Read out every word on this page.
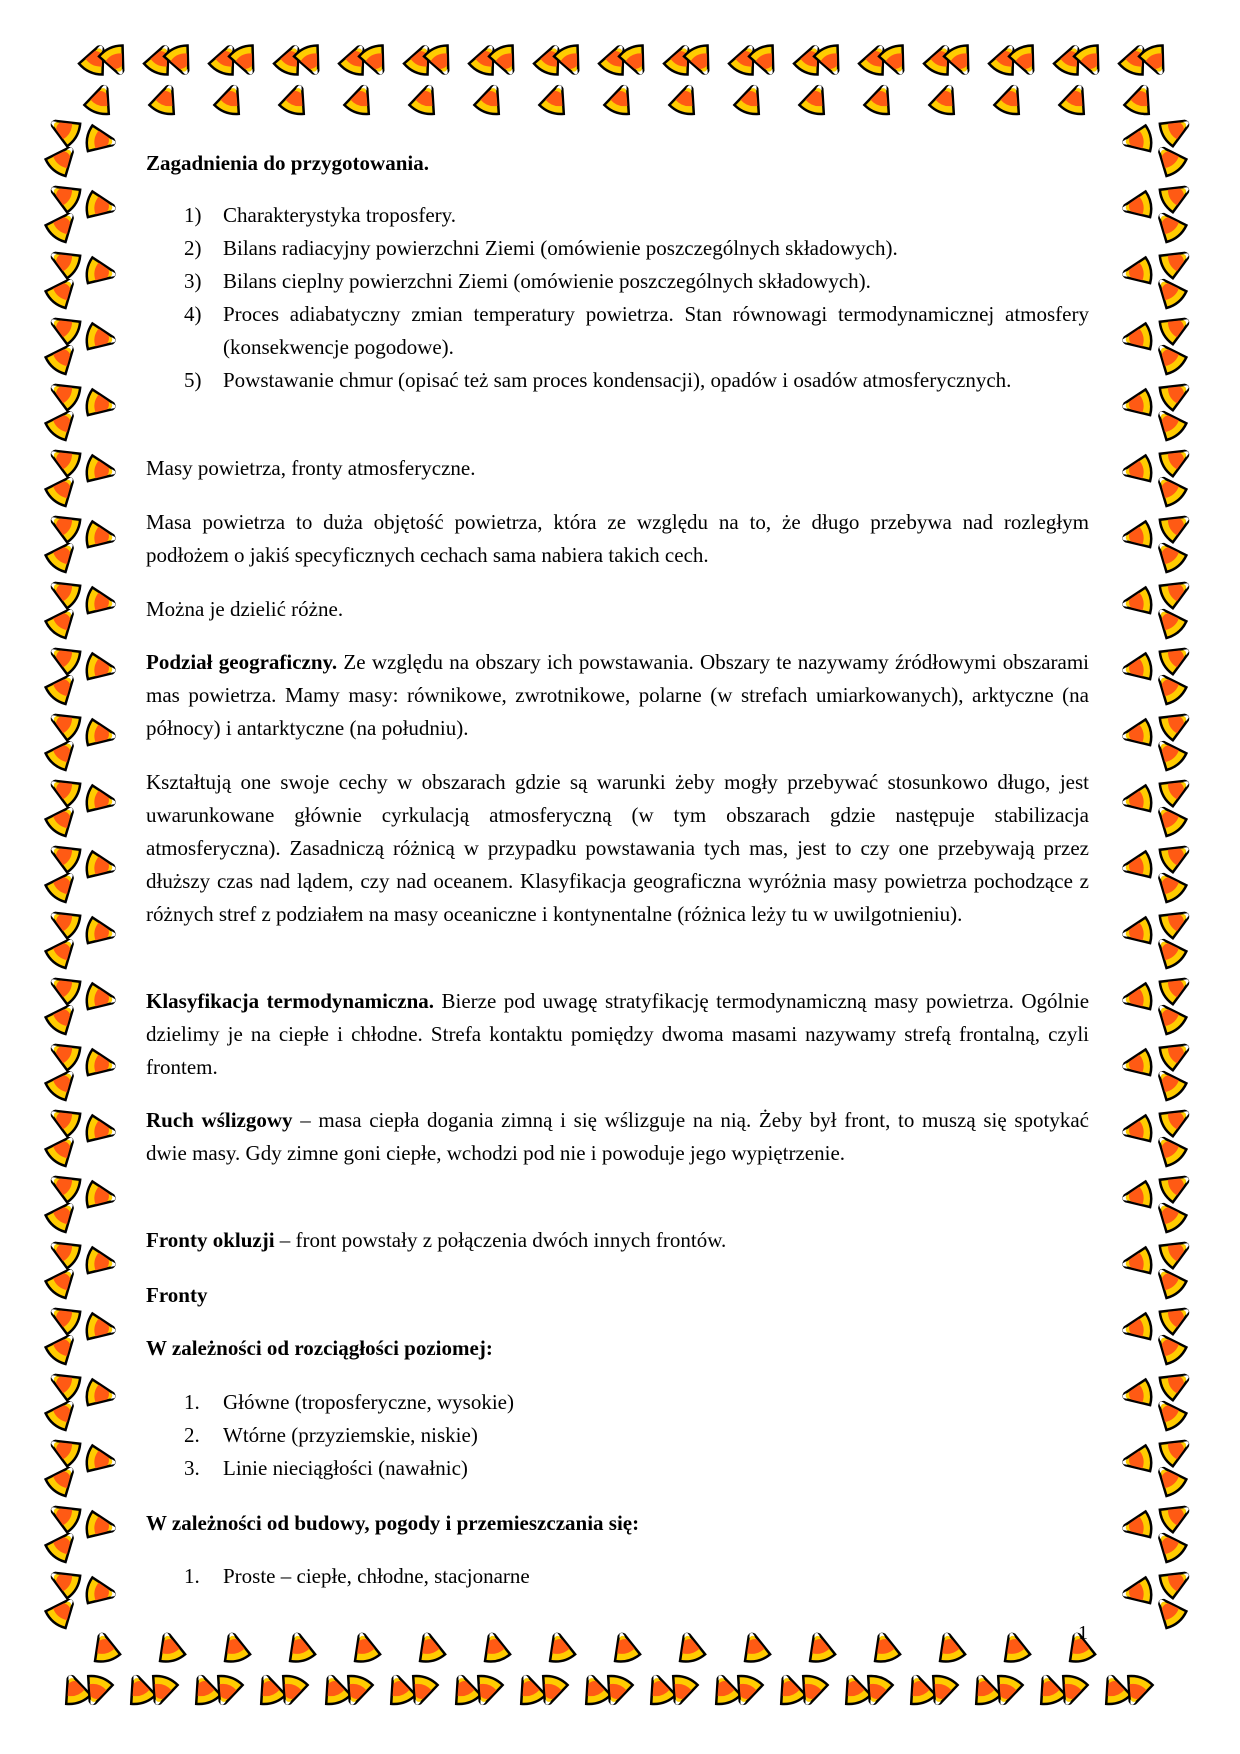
Zagadnienia do przygotowania.
1) Charakterystyka troposfery.
2) Bilans radiacyjny powierzchni Ziemi (omówienie poszczególnych składowych).
3) Bilans cieplny powierzchni Ziemi (omówienie poszczególnych składowych).
4) Proces adiabatyczny zmian temperatury powietrza. Stan równowagi termodynamicznej atmosfery (konsekwencje pogodowe).
5) Powstawanie chmur (opisać też sam proces kondensacji), opadów i osadów atmosferycznych.
Masy powietrza, fronty atmosferyczne.
Masa powietrza to duża objętość powietrza, która ze względu na to, że długo przebywa nad rozległym podłożem o jakiś specyficznych cechach sama nabiera takich cech.
Można je dzielić różne.
Podział geograficzny. Ze względu na obszary ich powstawania. Obszary te nazywamy źródłowymi obszarami mas powietrza. Mamy masy: równikowe, zwrotnikowe, polarne (w strefach umiarkowanych), arktyczne (na północy) i antarktyczne (na południu).
Kształtują one swoje cechy w obszarach gdzie są warunki żeby mogły przebywać stosunkowo długo, jest uwarunkowane głównie cyrkulacją atmosferyczną (w tym obszarach gdzie następuje stabilizacja atmosferyczna). Zasadniczą różnicą w przypadku powstawania tych mas, jest to czy one przebywają przez dłuższy czas nad lądem, czy nad oceanem. Klasyfikacja geograficzna wyróżnia masy powietrza pochodzące z różnych stref z podziałem na masy oceaniczne i kontynentalne (różnica leży tu w uwilgotnieniu).
Klasyfikacja termodynamiczna. Bierze pod uwagę stratyfikację termodynamiczną masy powietrza. Ogólnie dzielimy je na ciepłe i chłodne. Strefa kontaktu pomiędzy dwoma masami nazywamy strefą frontalną, czyli frontem.
Ruch wślizgowy – masa ciepła dogania zimną i się wślizguje na nią. Żeby był front, to muszą się spotykać dwie masy. Gdy zimne goni ciepłe, wchodzi pod nie i powoduje jego wypiętrzenie.
Fronty okluzji – front powstały z połączenia dwóch innych frontów.
Fronty
W zależności od rozciągłości poziomej:
1. Główne (troposferyczne, wysokie)
2. Wtórne (przyziemskie, niskie)
3. Linie nieciągłości (nawałnic)
W zależności od budowy, pogody i przemieszczania się:
1. Proste – ciepłe, chłodne, stacjonarne
1
